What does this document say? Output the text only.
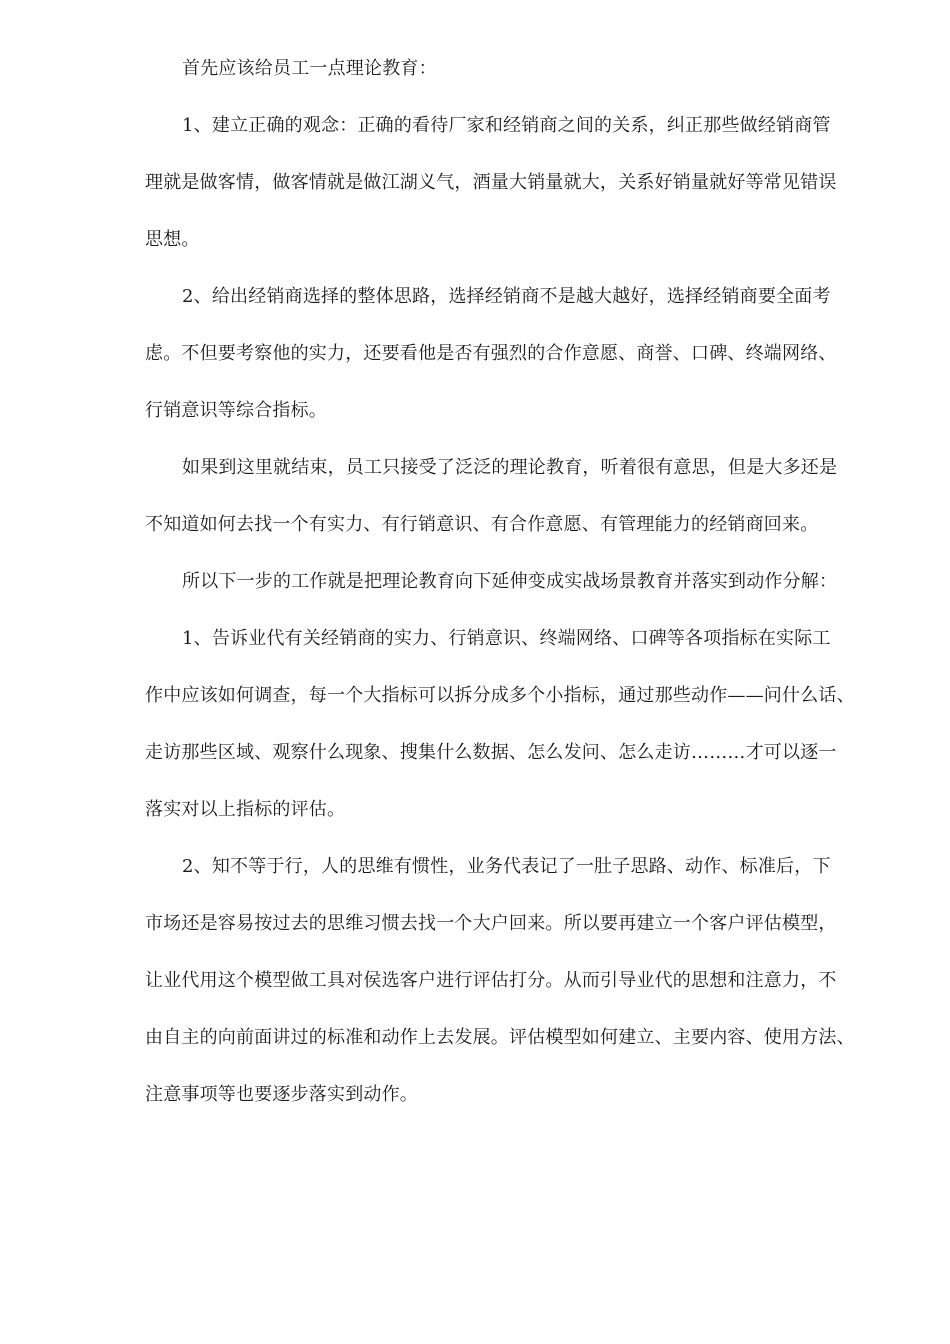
首先应该给员工一点理论教育：
1、建立正确的观念：正确的看待厂家和经销商之间的关系，纠正那些做经销商管
理就是做客情，做客情就是做江湖义气，酒量大销量就大，关系好销量就好等常见错误
思想。
2、给出经销商选择的整体思路，选择经销商不是越大越好，选择经销商要全面考
虑。不但要考察他的实力，还要看他是否有强烈的合作意愿、商誉、口碑、终端网络、
行销意识等综合指标。
如果到这里就结束，员工只接受了泛泛的理论教育，听着很有意思，但是大多还是
不知道如何去找一个有实力、有行销意识、有合作意愿、有管理能力的经销商回来。
所以下一步的工作就是把理论教育向下延伸变成实战场景教育并落实到动作分解：
1、告诉业代有关经销商的实力、行销意识、终端网络、口碑等各项指标在实际工
作中应该如何调查，每一个大指标可以拆分成多个小指标，通过那些动作——问什么话、
走访那些区域、观察什么现象、搜集什么数据、怎么发问、怎么走访………才可以逐一
落实对以上指标的评估。
2、知不等于行，人的思维有惯性，业务代表记了一肚子思路、动作、标准后，下
市场还是容易按过去的思维习惯去找一个大户回来。所以要再建立一个客户评估模型，
让业代用这个模型做工具对侯选客户进行评估打分。从而引导业代的思想和注意力，不
由自主的向前面讲过的标准和动作上去发展。评估模型如何建立、主要内容、使用方法、
注意事项等也要逐步落实到动作。
